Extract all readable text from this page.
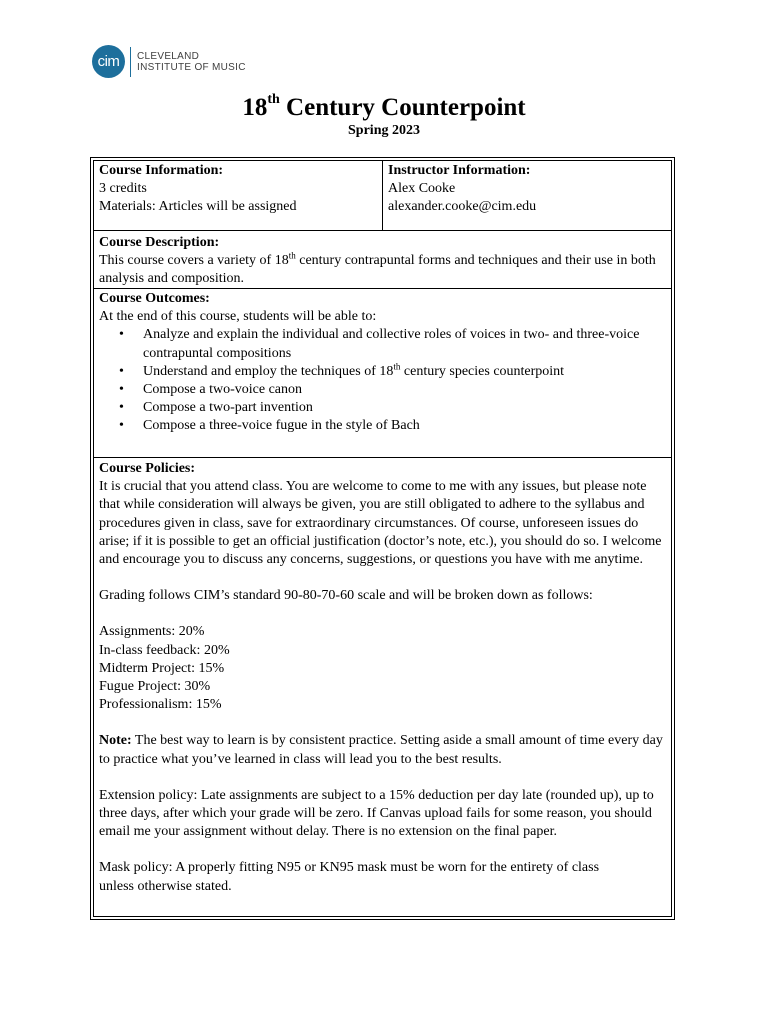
cim	CLEVELAND
INSTITUTE OF MUSIC
18th Century Counterpoint
Spring 2023
Course Information:
3 credits
Materials: Articles will be assigned
Instructor Information:
Alex Cooke
alexander.cooke@cim.edu
Course Description:
This course covers a variety of 18th century contrapuntal forms and techniques and their use in both analysis and composition.
Course Outcomes:
At the end of this course, students will be able to:
• Analyze and explain the individual and collective roles of voices in two- and three-voice contrapuntal compositions
• Understand and employ the techniques of 18th century species counterpoint
• Compose a two-voice canon
• Compose a two-part invention
• Compose a three-voice fugue in the style of Bach
Course Policies:

It is crucial that you attend class. You are welcome to come to me with any issues, but please note that while consideration will always be given, you are still obligated to adhere to the syllabus and procedures given in class, save for extraordinary circumstances. Of course, unforeseen issues do arise; if it is possible to get an official justification (doctor’s note, etc.), you should do so. I welcome and encourage you to discuss any concerns, suggestions, or questions you have with me anytime.

Grading follows CIM’s standard 90-80-70-60 scale and will be broken down as follows:

Assignments: 20%
In-class feedback: 20%
Midterm Project: 15%
Fugue Project: 30%
Professionalism: 15%

Note: The best way to learn is by consistent practice. Setting aside a small amount of time every day to practice what you’ve learned in class will lead you to the best results.

Extension policy: Late assignments are subject to a 15% deduction per day late (rounded up), up to three days, after which your grade will be zero. If Canvas upload fails for some reason, you should email me your assignment without delay. There is no extension on the final paper.

Mask policy: A properly fitting N95 or KN95 mask must be worn for the entirety of class unless otherwise stated.
